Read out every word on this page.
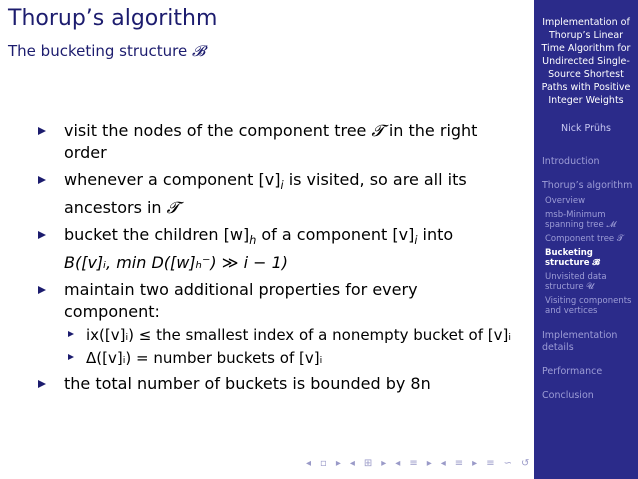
Thorup’s algorithm
The bucketing structure 𝓑
visit the nodes of the component tree 𝓣 in the right order
whenever a component $[v]_i$ is visited, so are all its ancestors in 𝓣
bucket the children $[w]_h$ of a component $[v]_i$ into
B([v]ᵢ, min D([w]ₕ⁻) ≫ i − 1)
maintain two additional properties for every component:
ix([v]ᵢ) ≤ the smallest index of a nonempty bucket of [v]ᵢ
Δ([v]ᵢ) = number buckets of [v]ᵢ
the total number of buckets is bounded by 8n
◂ ▫ ▸ ◂ ⊞ ▸ ◂ ≡ ▸ ◂ ≡ ▸ ≡ ∽ ↺
Implementation of Thorup’s Linear Time Algorithm for Undirected Single-Source Shortest Paths with Positive Integer Weights
Nick Prühs
Introduction
Thorup’s algorithm
Overview
msb-Minimum spanning tree 𝓜
Component tree 𝓣
Bucketing structure 𝓑
Unvisited data structure 𝓤
Visiting components and vertices
Implementation details
Performance
Conclusion
